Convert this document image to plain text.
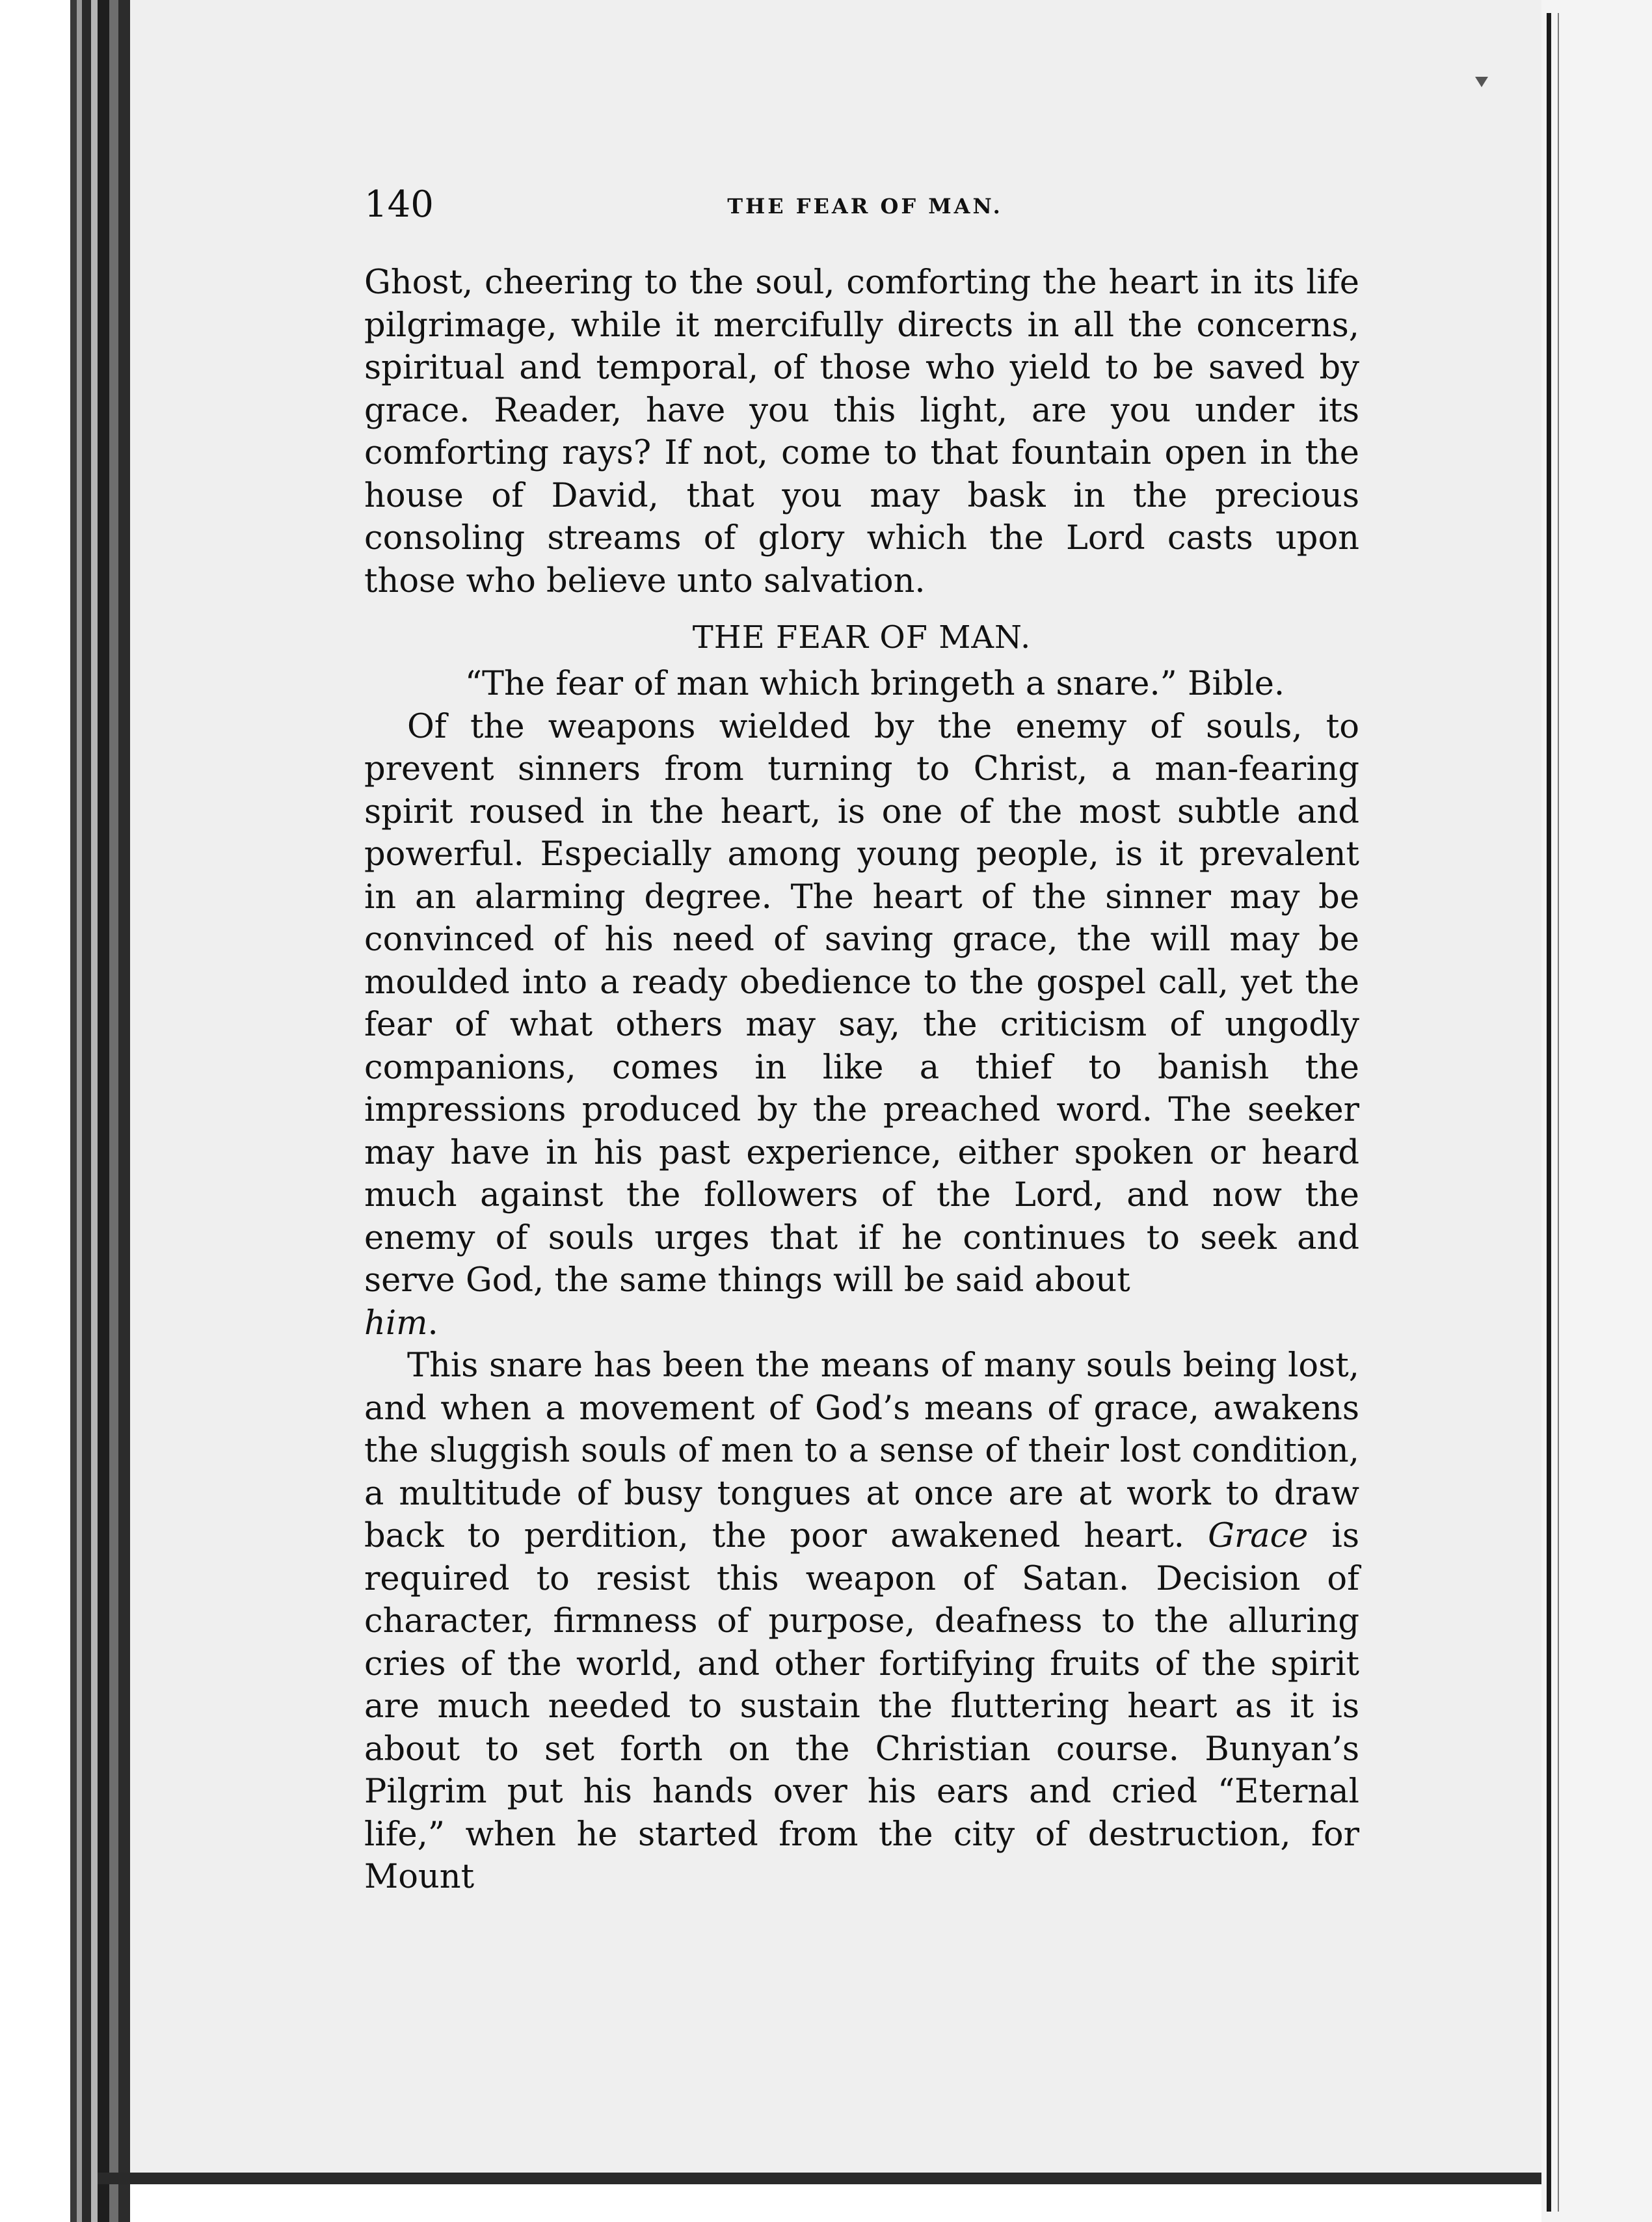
140	THE FEAR OF MAN.

Ghost, cheering to the soul, comforting the heart in its life pilgrimage, while it mercifully directs in all the concerns, spiritual and temporal, of those who yield to be saved by grace. Reader, have you this light, are you under its comforting rays? If not, come to that fountain open in the house of David, that you may bask in the precious consoling streams of glory which the Lord casts upon those who believe unto salvation.

THE FEAR OF MAN.

“The fear of man which bringeth a snare.” Bible.

Of the weapons wielded by the enemy of souls, to prevent sinners from turning to Christ, a man-fearing spirit roused in the heart, is one of the most subtle and powerful. Especially among young people, is it prevalent in an alarming degree. The heart of the sinner may be convinced of his need of saving grace, the will may be moulded into a ready obedience to the gospel call, yet the fear of what others may say, the criticism of ungodly companions, comes in like a thief to banish the impressions produced by the preached word. The seeker may have in his past experience, either spoken or heard much against the followers of the Lord, and now the enemy of souls urges that if he continues to seek and serve God, the same things will be said about
him.

This snare has been the means of many souls being lost, and when a movement of God’s means of grace, awakens the sluggish souls of men to a sense of their lost condition, a multitude of busy tongues at once are at work to draw back to perdition, the poor awakened heart. Grace is required to resist this weapon of Satan. Decision of character, firmness of purpose, deafness to the alluring cries of the world, and other fortifying fruits of the spirit are much needed to sustain the fluttering heart as it is about to set forth on the Christian course. Bunyan’s Pilgrim put his hands over his ears and cried “Eternal life,” when he started from the city of destruction, for Mount
